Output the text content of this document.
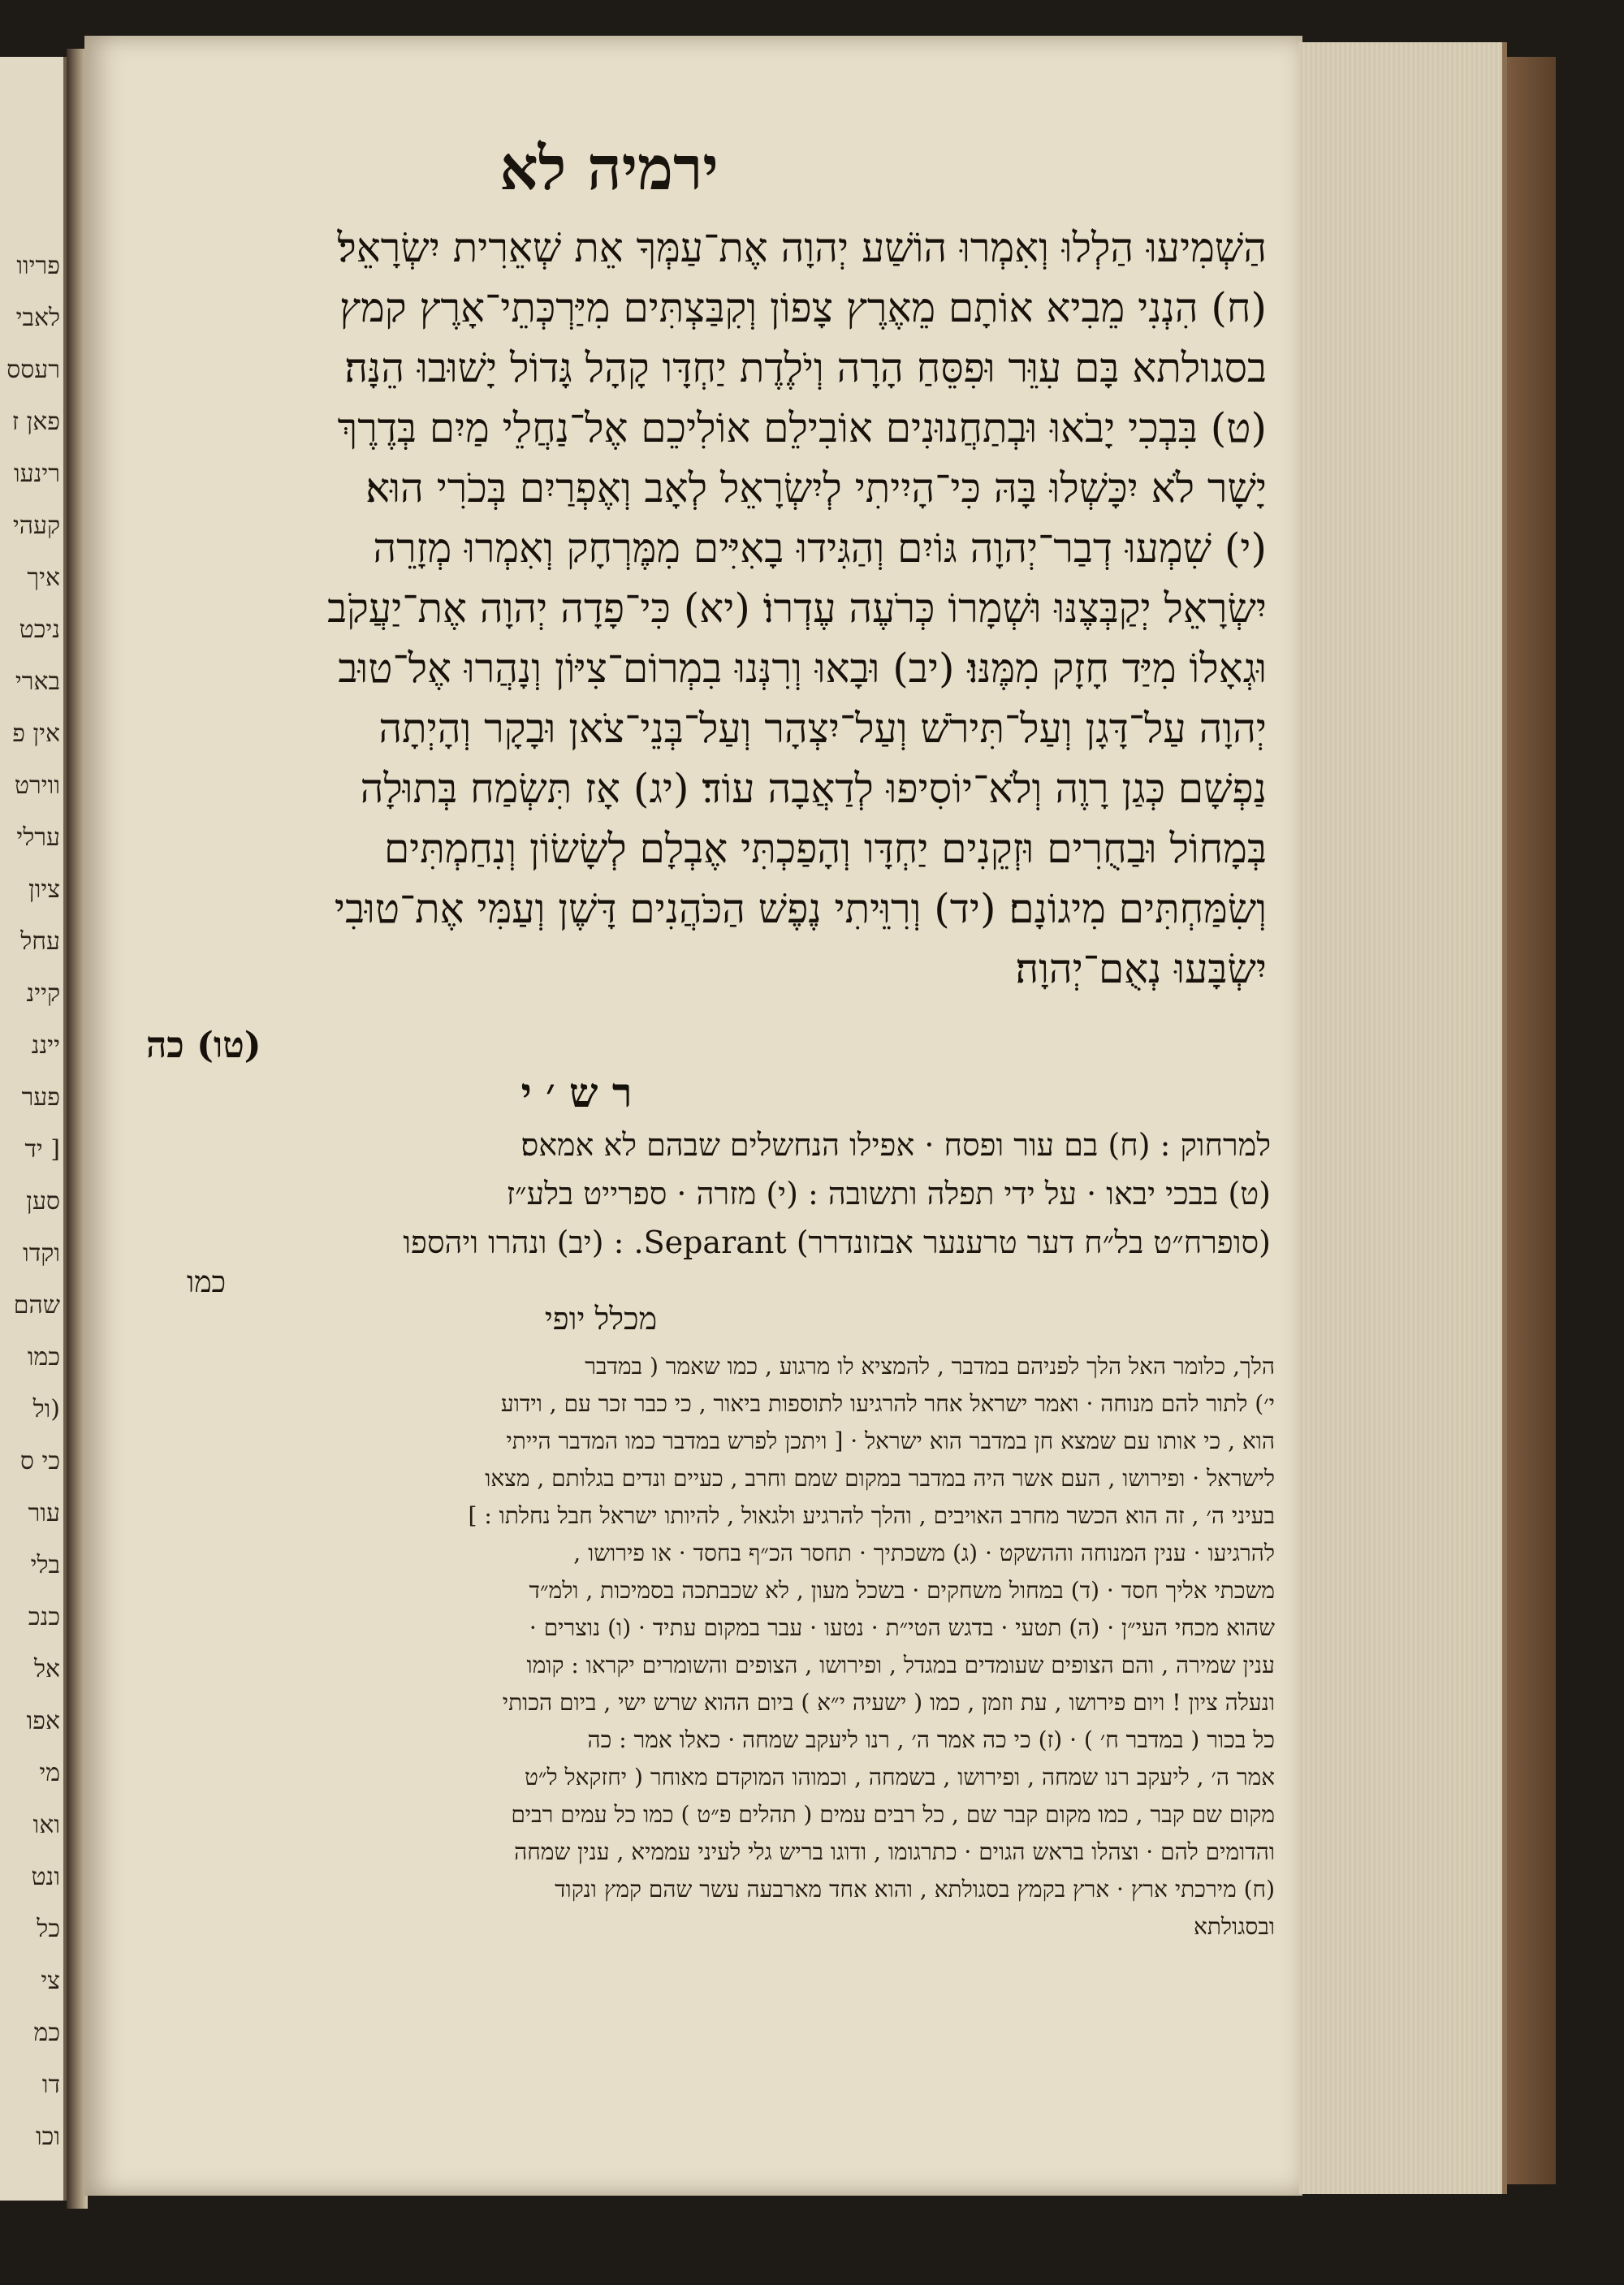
פריוו
לאבי
רעסס
פאן ז
רינעו
קעהי
איך
ניכט
בארי
אין פ
ווירט
ערלי
ציון
עחל
קיינ
ייננ
פער
[ יד
סען
וקדו
שהם
כמו
(ול
כי ס
עור
בלי
כנכ
אל
אפו
מי
ואו
ונט
כל
צי
כמ
דו
וכו
ירמיה לא
הַשְׁמִיעוּ הַלְלוּ וְאִמְרוּ הוֹשַׁע יְהוָה אֶת־עַמְּךָ אֵת שְׁאֵרִית יִשְׂרָאֵל׃
(ח) הִנְנִי מֵבִיא אוֹתָם מֵאֶרֶץ צָפוֹן וְקִבַּצְתִּים מִיַּרְכְּתֵי־אָרֶץ קמץ
בסגולתא בָּם עִוֵּר וּפִסֵּחַ הָרָה וְיֹלֶדֶת יַחְדָּו קָהָל גָּדוֹל יָשׁוּבוּ הֵנָּה׃
(ט) בִּבְכִי יָבֹאוּ וּבְתַחֲנוּנִים אוֹבִילֵם אוֹלִיכֵם אֶל־נַחֲלֵי מַיִם בְּדֶרֶךְ
יָשָׁר לֹא יִכָּשְׁלוּ בָּהּ כִּי־הָיִיתִי לְיִשְׂרָאֵל לְאָב וְאֶפְרַיִם בְּכֹרִי הוּא׃
(י) שִׁמְעוּ דְבַר־יְהוָה גּוֹיִם וְהַגִּידוּ בָאִיִּים מִמֶּרְחָק וְאִמְרוּ מְזָרֵה
יִשְׂרָאֵל יְקַבְּצֶנּוּ וּשְׁמָרוֹ כְּרֹעֶה עֶדְרוֹ׃ (יא) כִּי־פָדָה יְהוָה אֶת־יַעֲקֹב
וּגְאָלוֹ מִיַּד חָזָק מִמֶּנּוּ׃ (יב) וּבָאוּ וְרִנְּנוּ בִמְרוֹם־צִיּוֹן וְנָהֲרוּ אֶל־טוּב
יְהוָה עַל־דָּגָן וְעַל־תִּירֹשׁ וְעַל־יִצְהָר וְעַל־בְּנֵי־צֹאן וּבָקָר וְהָיְתָה
נַפְשָׁם כְּגַן רָוֶה וְלֹא־יוֹסִיפוּ לְדַאֲבָה עוֹד׃ (יג) אָז תִּשְׂמַח בְּתוּלָה
בְּמָחוֹל וּבַחֻרִים וּזְקֵנִים יַחְדָּו וְהָפַכְתִּי אֶבְלָם לְשָׂשׂוֹן וְנִחַמְתִּים
וְשִׂמַּחְתִּים מִיגוֹנָם׃ (יד) וְרִוֵּיתִי נֶפֶשׁ הַכֹּהֲנִים דָּשֶׁן וְעַמִּי אֶת־טוּבִי
יִשְׂבָּעוּ נְאֻם־יְהוָה׃
(טו) כה
ר ש ׳ י
למרחוק : (ח) בם עור ופסח · אפילו הנחשלים שבהם לא אמאס׃
(ט) בבכי יבאו · על ידי תפלה ותשובה : (י) מזרה · ספרייט בלע״ז
(סופרח״ט בל״ח דער טרענער אבזונדרר) Separant. : (יב) ונהרו ויהספו
כמו
מכלל יופי
הלך, כלומר האל הלך לפניהם במדבר , להמציא לו מרגוע , כמו שאמר ( במדבר
י׳) לתור להם מנוחה · ואמר ישראל אחר להרגיעו לתוספות ביאור , כי כבר זכר עם , וידוע
הוא , כי אותו עם שמצא חן במדבר הוא ישראל · [ ויתכן לפרש במדבר כמו המדבר הייתי
לישראל · ופירושו , העם אשר היה במדבר במקום שמם וחרב , כעיים ונדים בגלותם , מצאו
בעיני ה׳ , זה הוא הכשר מחרב האויבים , והלך להרגיע ולגאול , להיותו ישראל חבל נחלתו : ]
להרגיעו · ענין המנוחה וההשקט · (ג) משכתיך · תחסר הכ״ף בחסד · או פירושו ,
משכתי אליך חסד · (ד) במחול משחקים · בשכל מעון , לא שכבתכה בסמיכות , ולמ״ד
שהוא מכחי העי״ן · (ה) תטעי · בדגש הטי״ת · נטעו · עבר במקום עתיד · (ו) נוצרים ·
ענין שמירה , והם הצופים שעומדים במגדל , ופירושו , הצופים והשומרים יקראו : קומו
ונעלה ציון ! ויום פירושו , עת וזמן , כמו ( ישעיה י״א ) ביום ההוא שרש ישי , ביום הכותי
כל בכור ( במדבר ח׳ ) · (ז) כי כה אמר ה׳ , רנו ליעקב שמחה · כאלו אמר : כה
אמר ה׳ , ליעקב רנו שמחה , ופירושו , בשמחה , וכמוהו המוקדם מאוחר ( יחזקאל ל״ט
מקום שם קבר , כמו מקום קבר שם , כל רבים עמים ( תהלים פ״ט ) כמו כל עמים רבים
והדומים להם · וצהלו בראש הגוים · כתרגומו , ודוגו בריש גלי לעיני עממיא , ענין שמחה
(ח) מירכתי ארץ · ארץ בקמץ בסגולתא , והוא אחד מארבעה עשר שהם קמץ ונקוד
ובסגולתא
